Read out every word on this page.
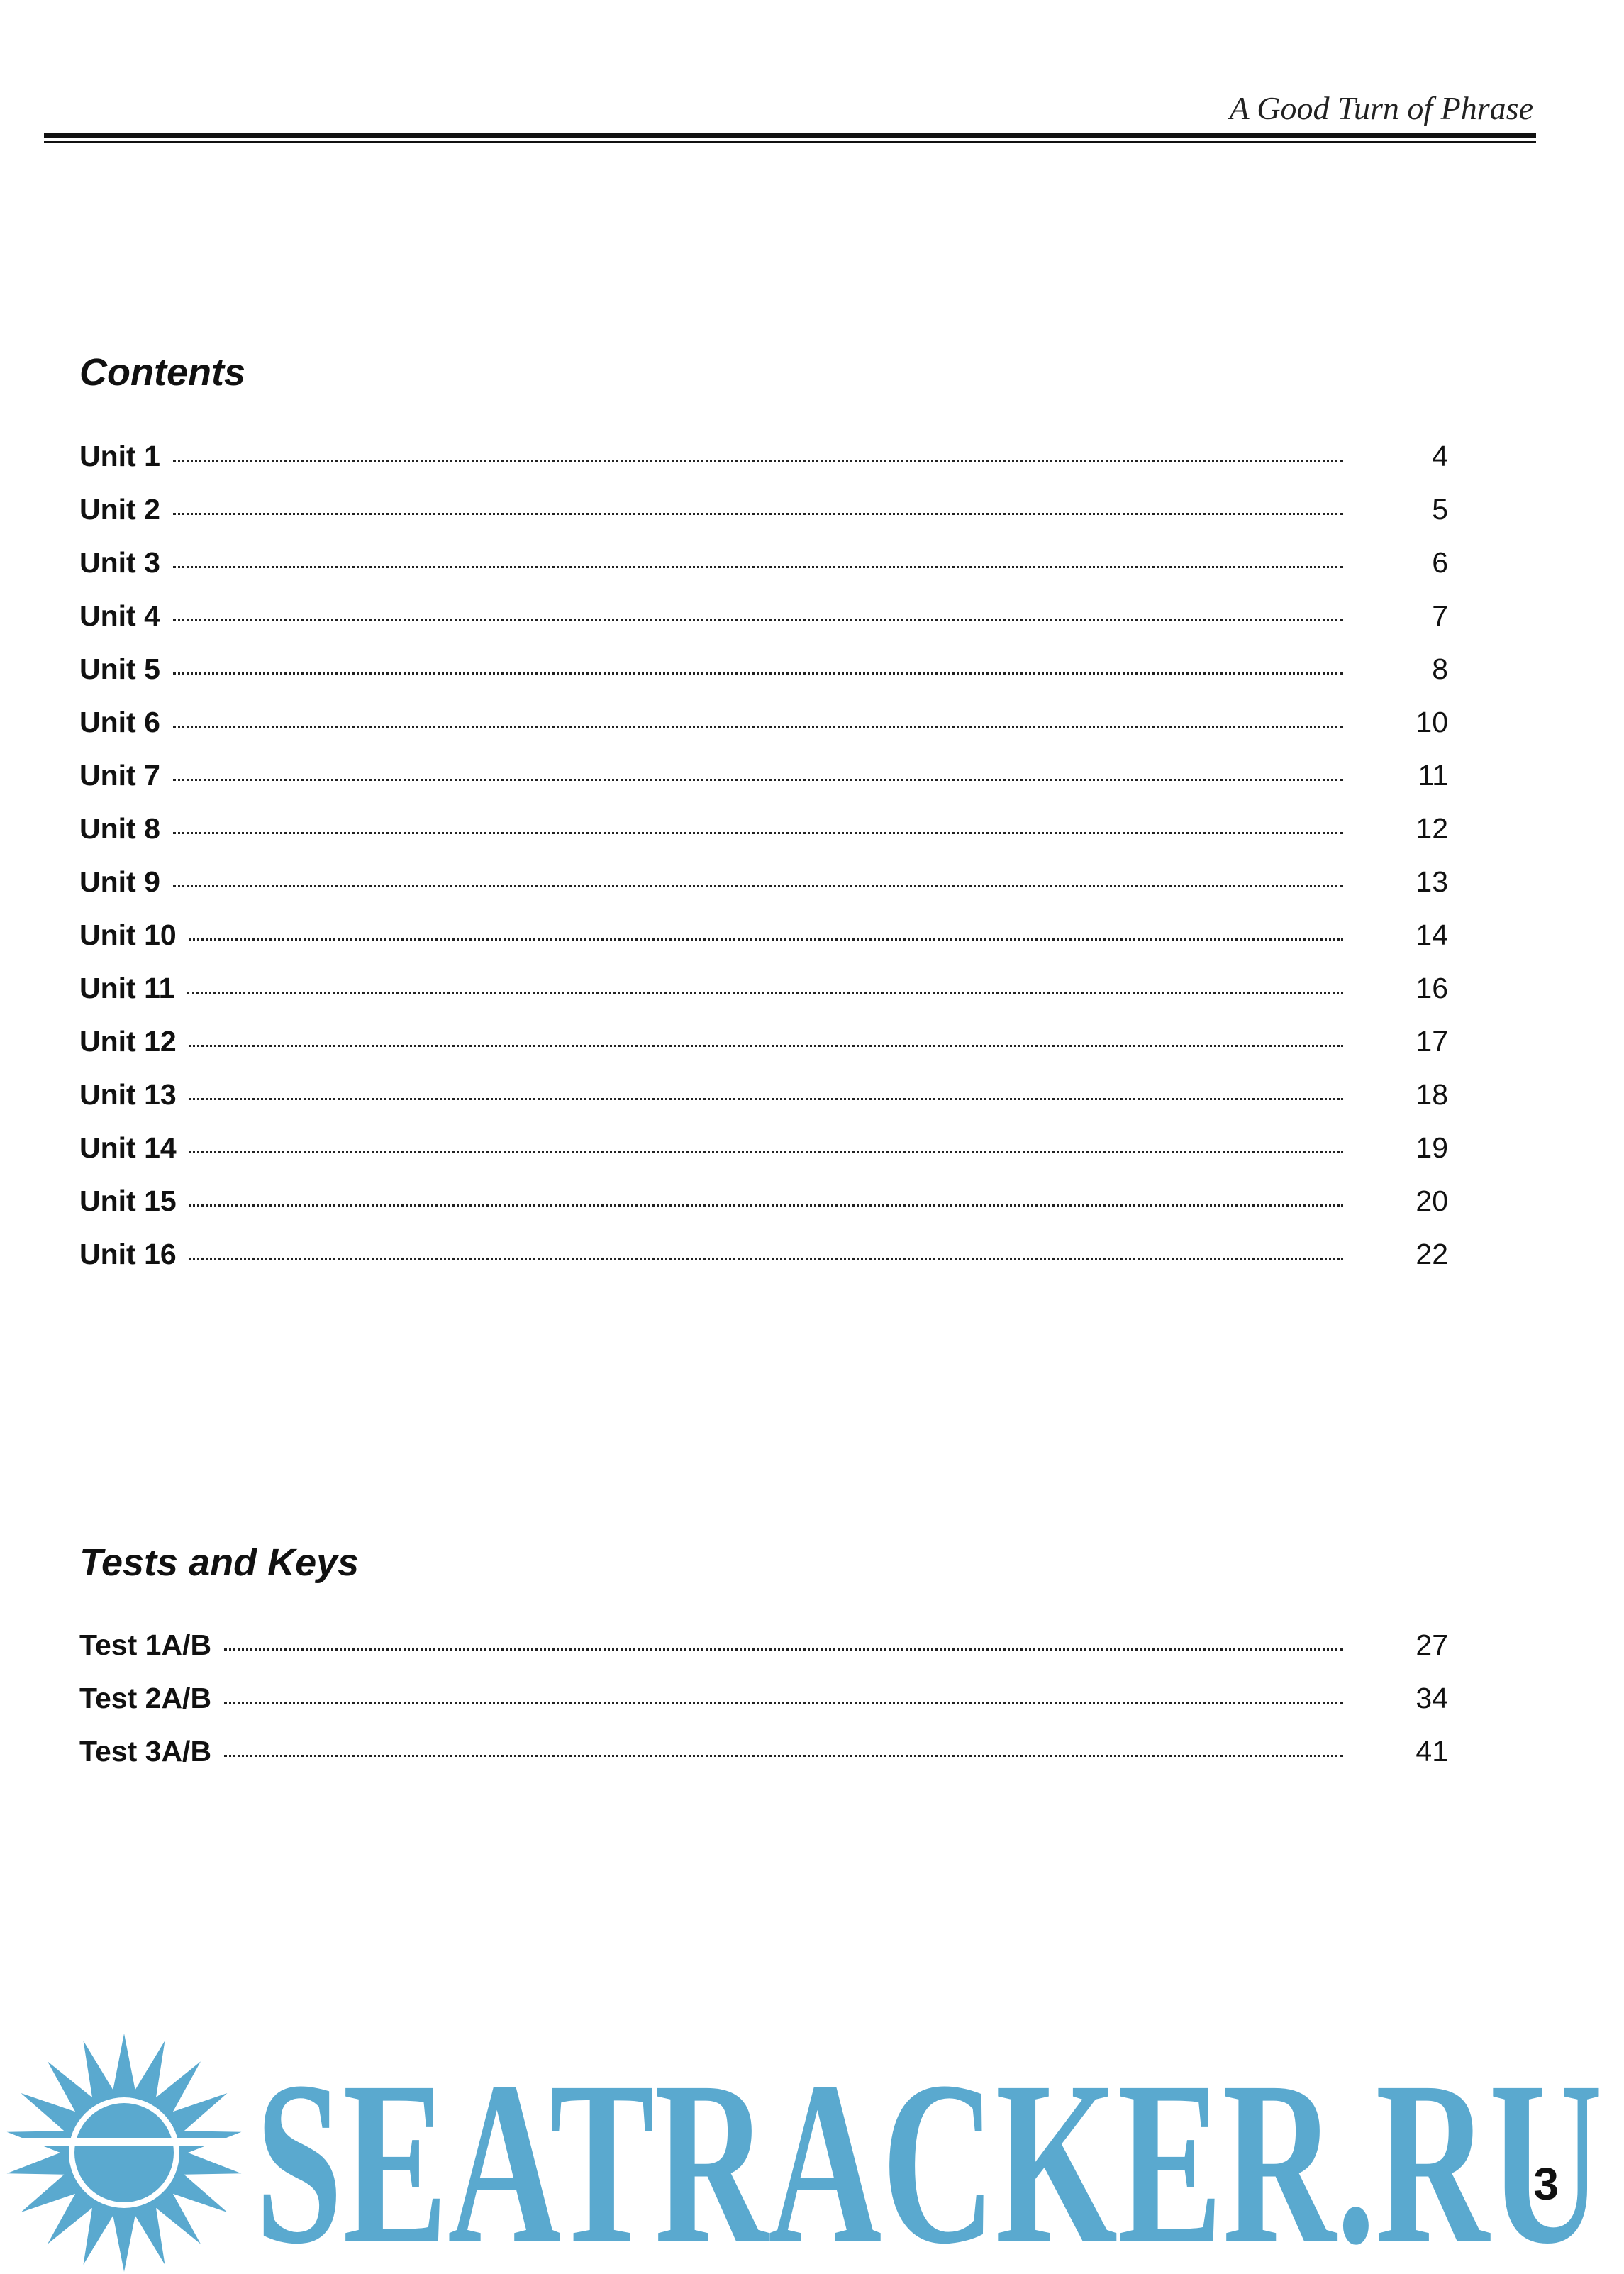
A Good Turn of Phrase
Contents
Unit 1	4
Unit 2	5
Unit 3	6
Unit 4	7
Unit 5	8
Unit 6	10
Unit 7	11
Unit 8	12
Unit 9	13
Unit 10	14
Unit 11	16
Unit 12	17
Unit 13	18
Unit 14	19
Unit 15	20
Unit 16	22
Tests and Keys
Test 1A/B	27
Test 2A/B	34
Test 3A/B	41
SEATRACKER.RU
3
